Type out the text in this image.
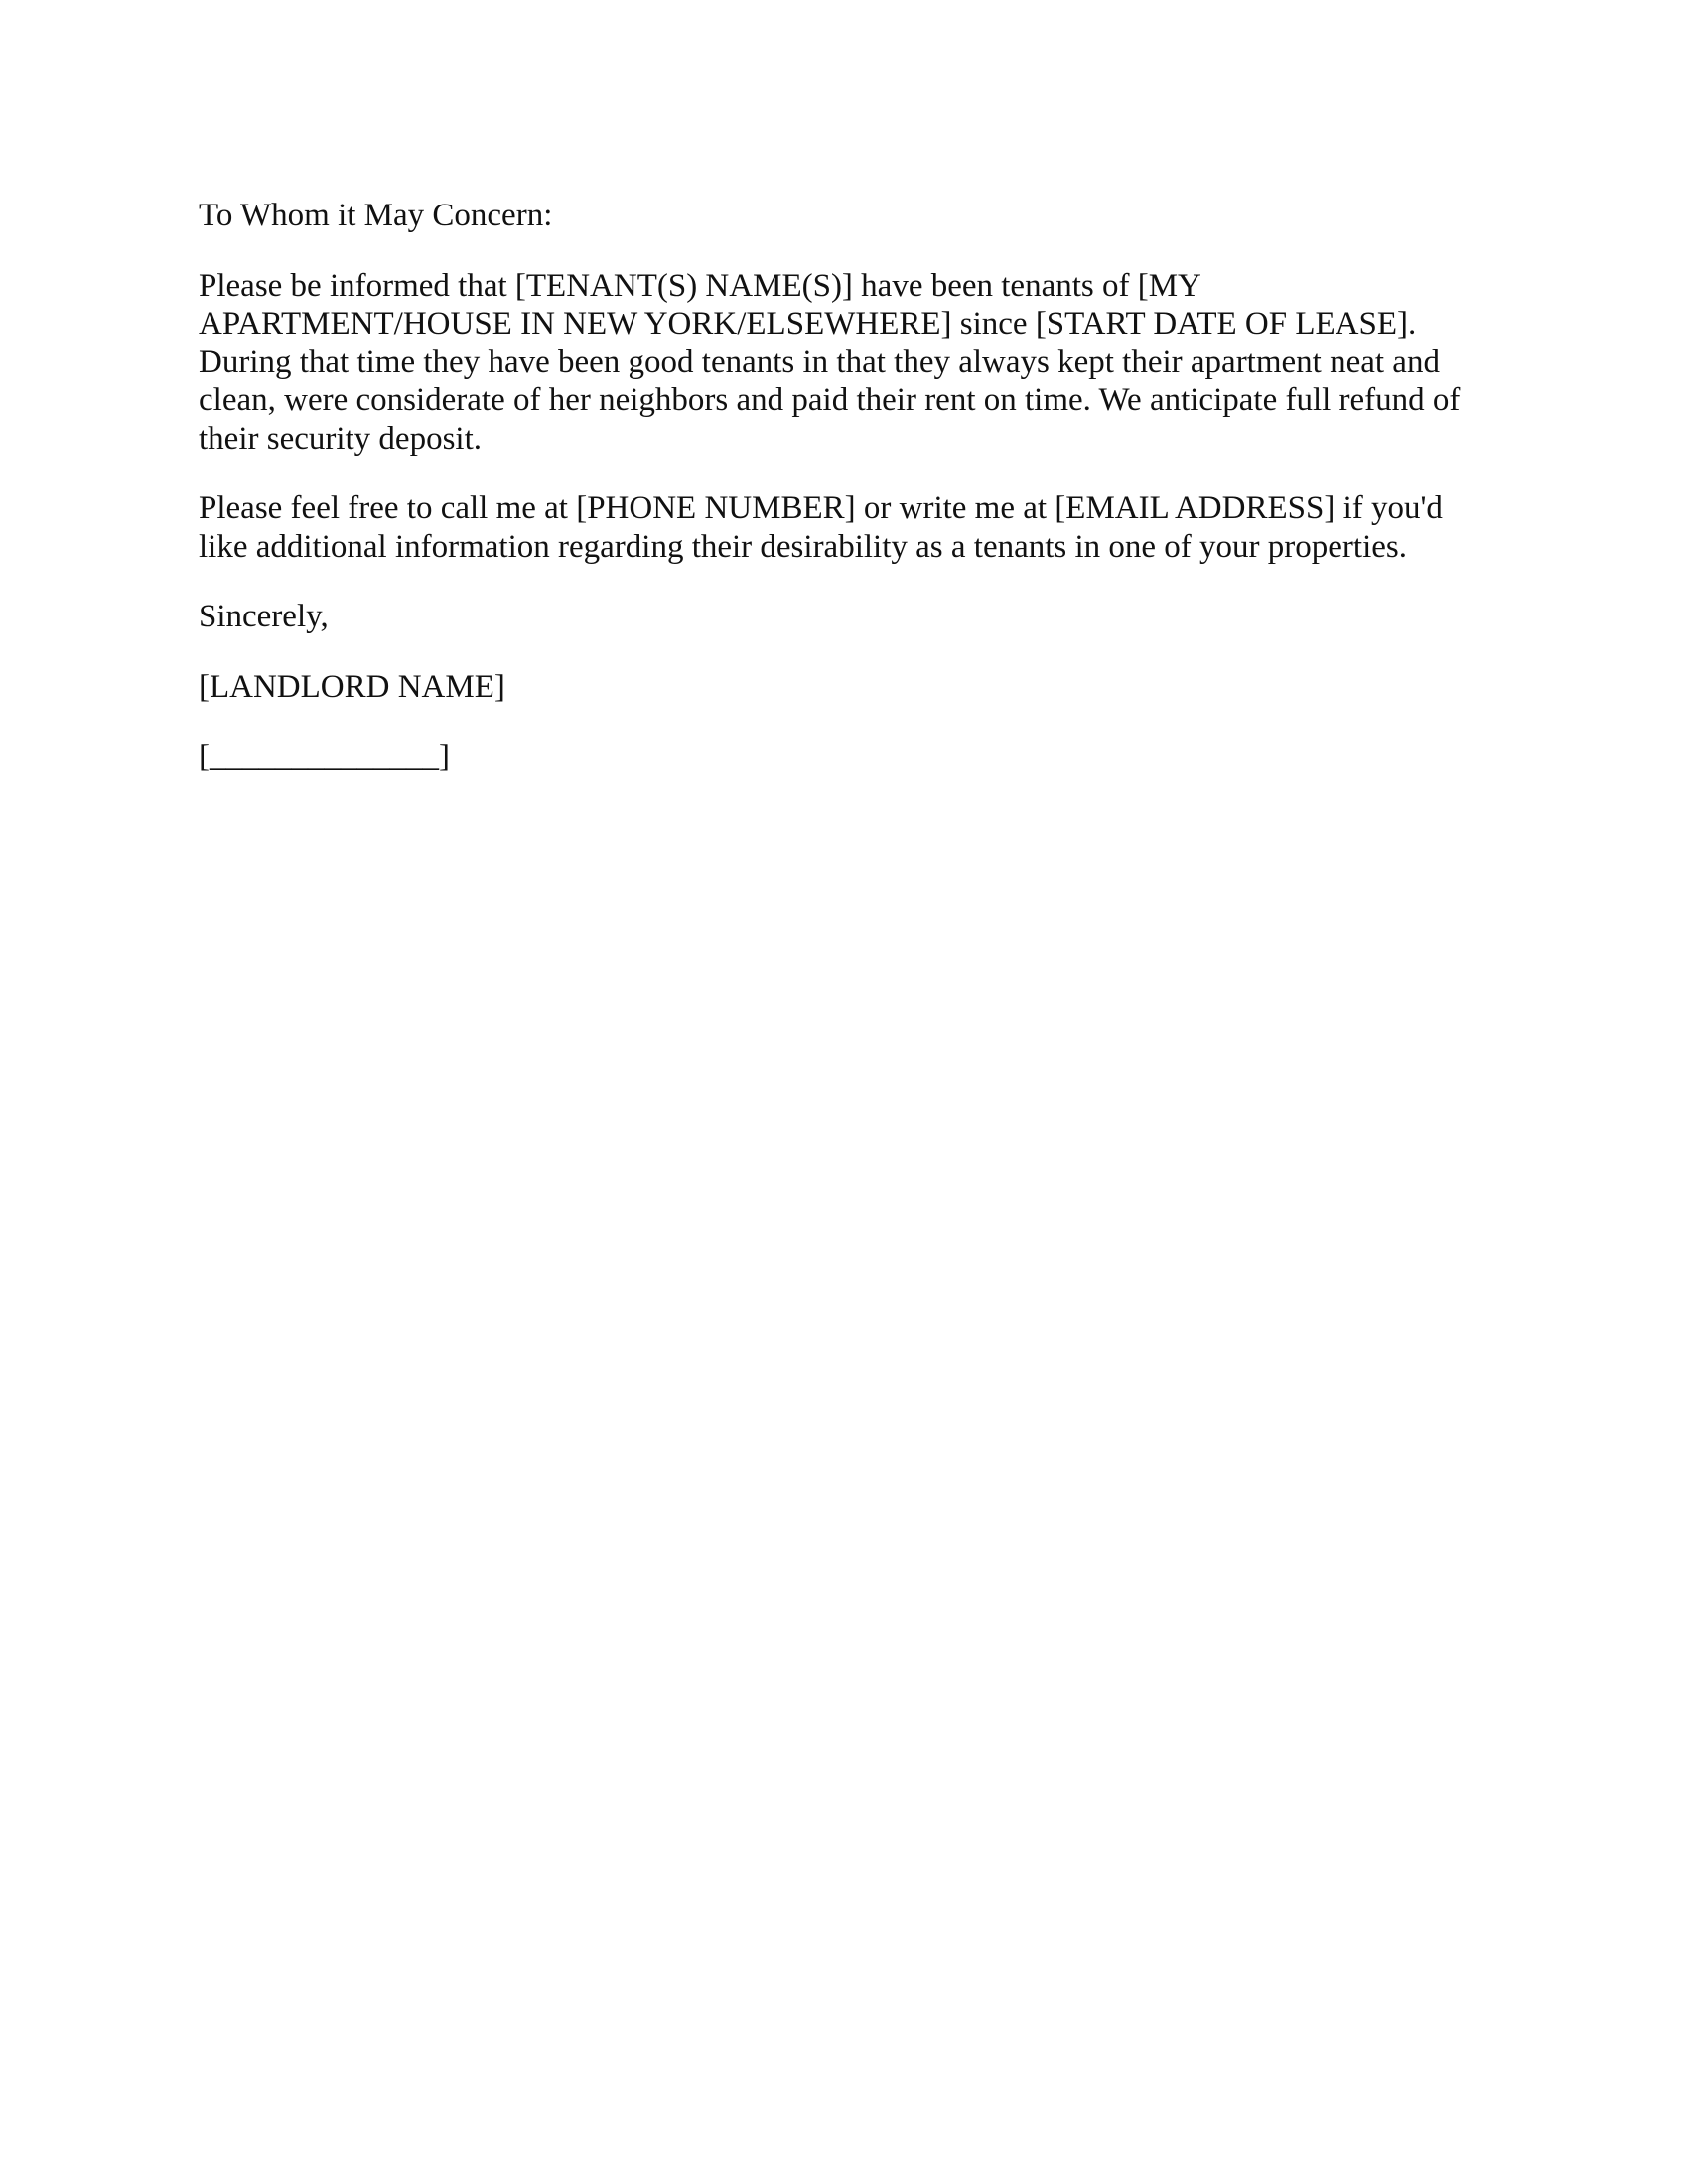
To Whom it May Concern:

Please be informed that [TENANT(S) NAME(S)] have been tenants of [MY
APARTMENT/HOUSE IN NEW YORK/ELSEWHERE] since [START DATE OF LEASE].
During that time they have been good tenants in that they always kept their apartment neat and
clean, were considerate of her neighbors and paid their rent on time. We anticipate full refund of
their security deposit.

Please feel free to call me at [PHONE NUMBER] or write me at [EMAIL ADDRESS] if you'd
like additional information regarding their desirability as a tenants in one of your properties.

Sincerely,

[LANDLORD NAME]

[______________]
